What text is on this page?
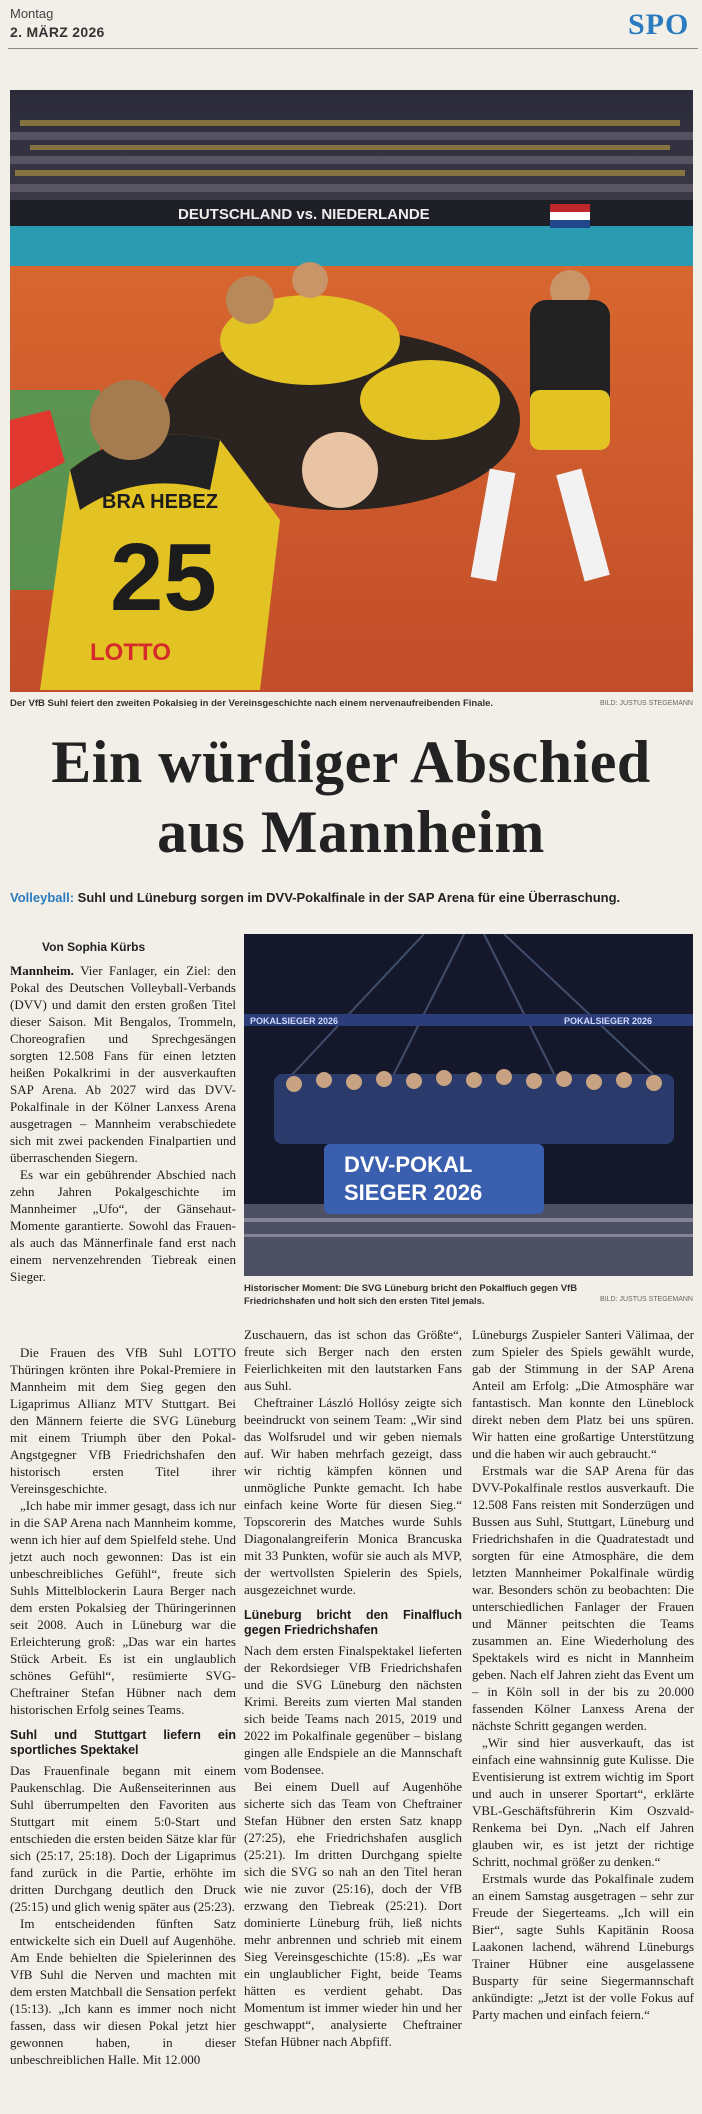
Montag
2. MÄRZ 2026	SPO
DEUTSCHLAND vs. NIEDERLANDE
BRA HEBEZ
25
LOTTO
Der VfB Suhl feiert den zweiten Pokalsieg in der Vereinsgeschichte nach einem nervenaufreibenden Finale.	BILD: JUSTUS STEGEMANN
Ein würdiger Abschied
aus Mannheim
Volleyball: Suhl und Lüneburg sorgen im DVV-Pokalfinale in der SAP Arena für eine Überraschung.
Von Sophia Kürbs
POKALSIEGER 2026	POKALSIEGER 2026
DVV-POKAL
SIEGER 2026
Historischer Moment: Die SVG Lüneburg bricht den Pokalfluch gegen VfB Friedrichshafen und holt sich den ersten Titel jemals.	BILD: JUSTUS STEGEMANN

Mannheim. Vier Fanlager, ein Ziel: den Pokal des Deutschen Volleyball-Verbands (DVV) und damit den ersten großen Titel dieser Saison. Mit Bengalos, Trommeln, Choreografien und Sprechgesängen sorgten 12.508 Fans für einen letzten heißen Pokalkrimi in der ausverkauften SAP Arena. Ab 2027 wird das DVV-Pokalfinale in der Kölner Lanxess Arena ausgetragen – Mannheim verabschiedete sich mit zwei packenden Finalpartien und überraschenden Siegern.

Es war ein gebührender Abschied nach zehn Jahren Pokalgeschichte im Mannheimer „Ufo“, der Gänsehaut-Momente garantierte. Sowohl das Frauen- als auch das Männerfinale fand erst nach einem nervenzehrenden Tiebreak einen Sieger.

Die Frauen des VfB Suhl LOTTO Thüringen krönten ihre Pokal-Premiere in Mannheim mit dem Sieg gegen den Ligaprimus Allianz MTV Stuttgart. Bei den Männern feierte die SVG Lüneburg mit einem Triumph über den Pokal-Angstgegner VfB Friedrichshafen den historisch ersten Titel ihrer Vereinsgeschichte.

„Ich habe mir immer gesagt, dass ich nur in die SAP Arena nach Mannheim komme, wenn ich hier auf dem Spielfeld stehe. Und jetzt auch noch gewonnen: Das ist ein unbeschreibliches Gefühl“, freute sich Suhls Mittelblockerin Laura Berger nach dem ersten Pokalsieg der Thüringerinnen seit 2008. Auch in Lüneburg war die Erleichterung groß: „Das war ein hartes Stück Arbeit. Es ist ein unglaublich schönes Gefühl“, resümierte SVG-Cheftrainer Stefan Hübner nach dem historischen Erfolg seines Teams.

Suhl und Stuttgart liefern ein sportliches Spektakel

Das Frauenfinale begann mit einem Paukenschlag. Die Außenseiterinnen aus Suhl überrumpelten den Favoriten aus Stuttgart mit einem 5:0-Start und entschieden die ersten beiden Sätze klar für sich (25:17, 25:18). Doch der Ligaprimus fand zurück in die Partie, erhöhte im dritten Durchgang deutlich den Druck (25:15) und glich wenig später aus (25:23).

Im entscheidenden fünften Satz entwickelte sich ein Duell auf Augenhöhe. Am Ende behielten die Spielerinnen des VfB Suhl die Nerven und machten mit dem ersten Matchball die Sensation perfekt (15:13). „Ich kann es immer noch nicht fassen, dass wir diesen Pokal jetzt hier gewonnen haben, in dieser unbeschreiblichen Halle. Mit 12.000

Zuschauern, das ist schon das Größte“, freute sich Berger nach den ersten Feierlichkeiten mit den lautstarken Fans aus Suhl.

Cheftrainer László Hollósy zeigte sich beeindruckt von seinem Team: „Wir sind das Wolfsrudel und wir geben niemals auf. Wir haben mehrfach gezeigt, dass wir richtig kämpfen können und unmögliche Punkte gemacht. Ich habe einfach keine Worte für diesen Sieg.“ Topscorerin des Matches wurde Suhls Diagonalangreiferin Monica Brancuska mit 33 Punkten, wofür sie auch als MVP, der wertvollsten Spielerin des Spiels, ausgezeichnet wurde.

Lüneburg bricht den Finalfluch gegen Friedrichshafen

Nach dem ersten Finalspektakel lieferten der Rekordsieger VfB Friedrichshafen und die SVG Lüneburg den nächsten Krimi. Bereits zum vierten Mal standen sich beide Teams nach 2015, 2019 und 2022 im Pokalfinale gegenüber – bislang gingen alle Endspiele an die Mannschaft vom Bodensee.

Bei einem Duell auf Augenhöhe sicherte sich das Team von Cheftrainer Stefan Hübner den ersten Satz knapp (27:25), ehe Friedrichshafen ausglich (25:21). Im dritten Durchgang spielte sich die SVG so nah an den Titel heran wie nie zuvor (25:16), doch der VfB erzwang den Tiebreak (25:21). Dort dominierte Lüneburg früh, ließ nichts mehr anbrennen und schrieb mit einem Sieg Vereinsgeschichte (15:8). „Es war ein unglaublicher Fight, beide Teams hätten es verdient gehabt. Das Momentum ist immer wieder hin und her geschwappt“, analysierte Cheftrainer Stefan Hübner nach Abpfiff.

Lüneburgs Zuspieler Santeri Välimaa, der zum Spieler des Spiels gewählt wurde, gab der Stimmung in der SAP Arena Anteil am Erfolg: „Die Atmosphäre war fantastisch. Man konnte den Lüneblock direkt neben dem Platz bei uns spüren. Wir hatten eine großartige Unterstützung und die haben wir auch gebraucht.“

Erstmals war die SAP Arena für das DVV-Pokalfinale restlos ausverkauft. Die 12.508 Fans reisten mit Sonderzügen und Bussen aus Suhl, Stuttgart, Lüneburg und Friedrichshafen in die Quadratestadt und sorgten für eine Atmosphäre, die dem letzten Mannheimer Pokalfinale würdig war. Besonders schön zu beobachten: Die unterschiedlichen Fanlager der Frauen und Männer peitschten die Teams zusammen an. Eine Wiederholung des Spektakels wird es nicht in Mannheim geben. Nach elf Jahren zieht das Event um – in Köln soll in der bis zu 20.000 fassenden Kölner Lanxess Arena der nächste Schritt gegangen werden.

„Wir sind hier ausverkauft, das ist einfach eine wahnsinnig gute Kulisse. Die Eventisierung ist extrem wichtig im Sport und auch in unserer Sportart“, erklärte VBL-Geschäftsführerin Kim Oszvald-Renkema bei Dyn. „Nach elf Jahren glauben wir, es ist jetzt der richtige Schritt, nochmal größer zu denken.“

Erstmals wurde das Pokalfinale zudem an einem Samstag ausgetragen – sehr zur Freude der Siegerteams. „Ich will ein Bier“, sagte Suhls Kapitänin Roosa Laakonen lachend, während Lüneburgs Trainer Hübner eine ausgelassene Busparty für seine Siegermannschaft ankündigte: „Jetzt ist der volle Fokus auf Party machen und einfach feiern.“
